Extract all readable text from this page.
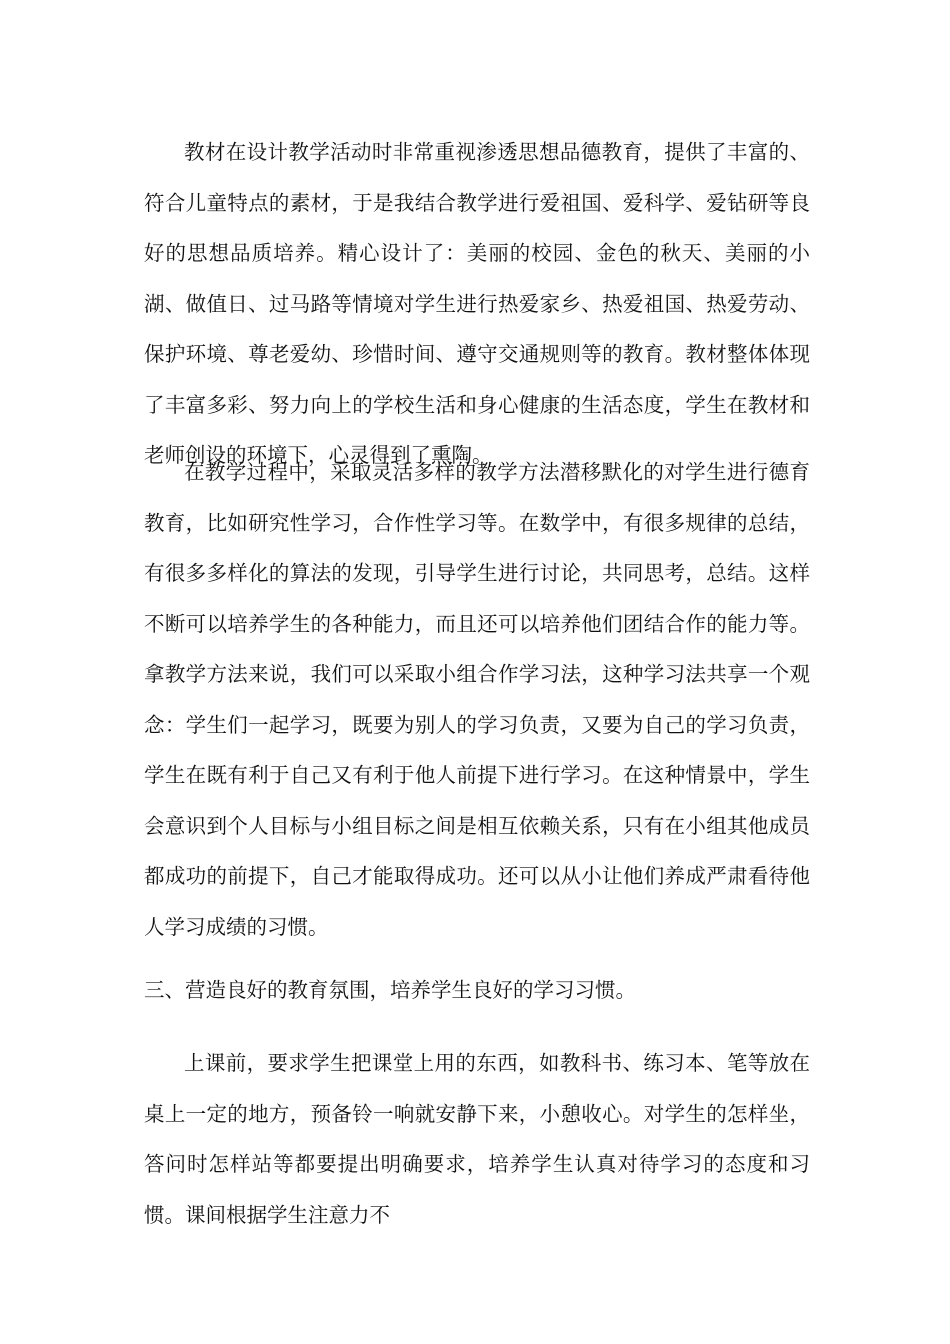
教材在设计教学活动时非常重视渗透思想品德教育，提供了丰富的、符合儿童特点的素材，于是我结合教学进行爱祖国、爱科学、爱钻研等良好的思想品质培养。精心设计了：美丽的校园、金色的秋天、美丽的小湖、做值日、过马路等情境对学生进行热爱家乡、热爱祖国、热爱劳动、保护环境、尊老爱幼、珍惜时间、遵守交通规则等的教育。教材整体体现了丰富多彩、努力向上的学校生活和身心健康的生活态度，学生在教材和老师创设的环境下，心灵得到了熏陶。

在教学过程中，采取灵活多样的教学方法潜移默化的对学生进行德育教育，比如研究性学习，合作性学习等。在数学中，有很多规律的总结，有很多多样化的算法的发现，引导学生进行讨论，共同思考，总结。这样不断可以培养学生的各种能力，而且还可以培养他们团结合作的能力等。拿教学方法来说，我们可以采取小组合作学习法，这种学习法共享一个观念：学生们一起学习，既要为别人的学习负责，又要为自己的学习负责，学生在既有利于自己又有利于他人前提下进行学习。在这种情景中，学生会意识到个人目标与小组目标之间是相互依赖关系，只有在小组其他成员都成功的前提下，自己才能取得成功。还可以从小让他们养成严肃看待他人学习成绩的习惯。

三、营造良好的教育氛围，培养学生良好的学习习惯。

上课前，要求学生把课堂上用的东西，如教科书、练习本、笔等放在桌上一定的地方，预备铃一响就安静下来，小憩收心。对学生的怎样坐，答问时怎样站等都要提出明确要求，培养学生认真对待学习的态度和习惯。课间根据学生注意力不
